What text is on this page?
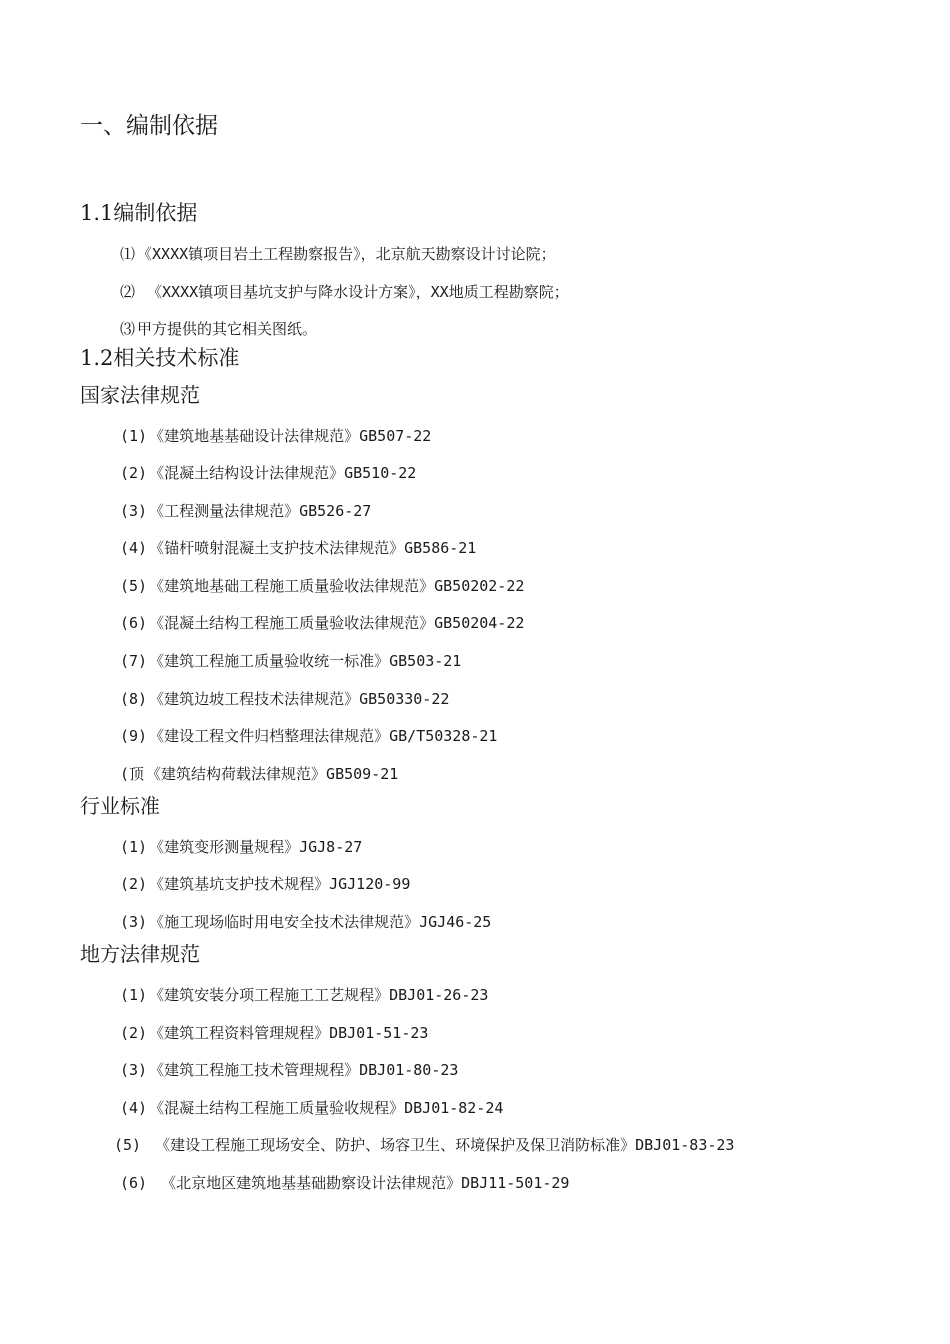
一、编制依据
1.1编制依据
⑴ 《XXXX镇项目岩土工程勘察报告》，北京航天勘察设计讨论院；
⑵ 《XXXX镇项目基坑支护与降水设计方案》，XX地质工程勘察院；
⑶ 甲方提供的其它相关图纸。
1.2相关技术标准
国家法律规范
(1) 《建筑地基基础设计法律规范》GB507-22
(2) 《混凝土结构设计法律规范》GB510-22
(3) 《工程测量法律规范》GB526-27
(4) 《锚杆喷射混凝土支护技术法律规范》GB586-21
(5) 《建筑地基础工程施工质量验收法律规范》GB50202-22
(6) 《混凝土结构工程施工质量验收法律规范》GB50204-22
(7) 《建筑工程施工质量验收统一标准》GB503-21
(8) 《建筑边坡工程技术法律规范》GB50330-22
(9) 《建设工程文件归档整理法律规范》GB/T50328-21
(顶 《建筑结构荷载法律规范》GB509-21
行业标准
(1) 《建筑变形测量规程》JGJ8-27
(2) 《建筑基坑支护技术规程》JGJ120-99
(3) 《施工现场临时用电安全技术法律规范》JGJ46-25
地方法律规范
(1) 《建筑安装分项工程施工工艺规程》DBJ01-26-23
(2) 《建筑工程资料管理规程》DBJ01-51-23
(3) 《建筑工程施工技术管理规程》DBJ01-80-23
(4) 《混凝土结构工程施工质量验收规程》DBJ01-82-24
(5) 《建设工程施工现场安全、防护、场容卫生、环境保护及保卫消防标准》DBJ01-83-23
(6) 《北京地区建筑地基基础勘察设计法律规范》DBJ11-501-29
